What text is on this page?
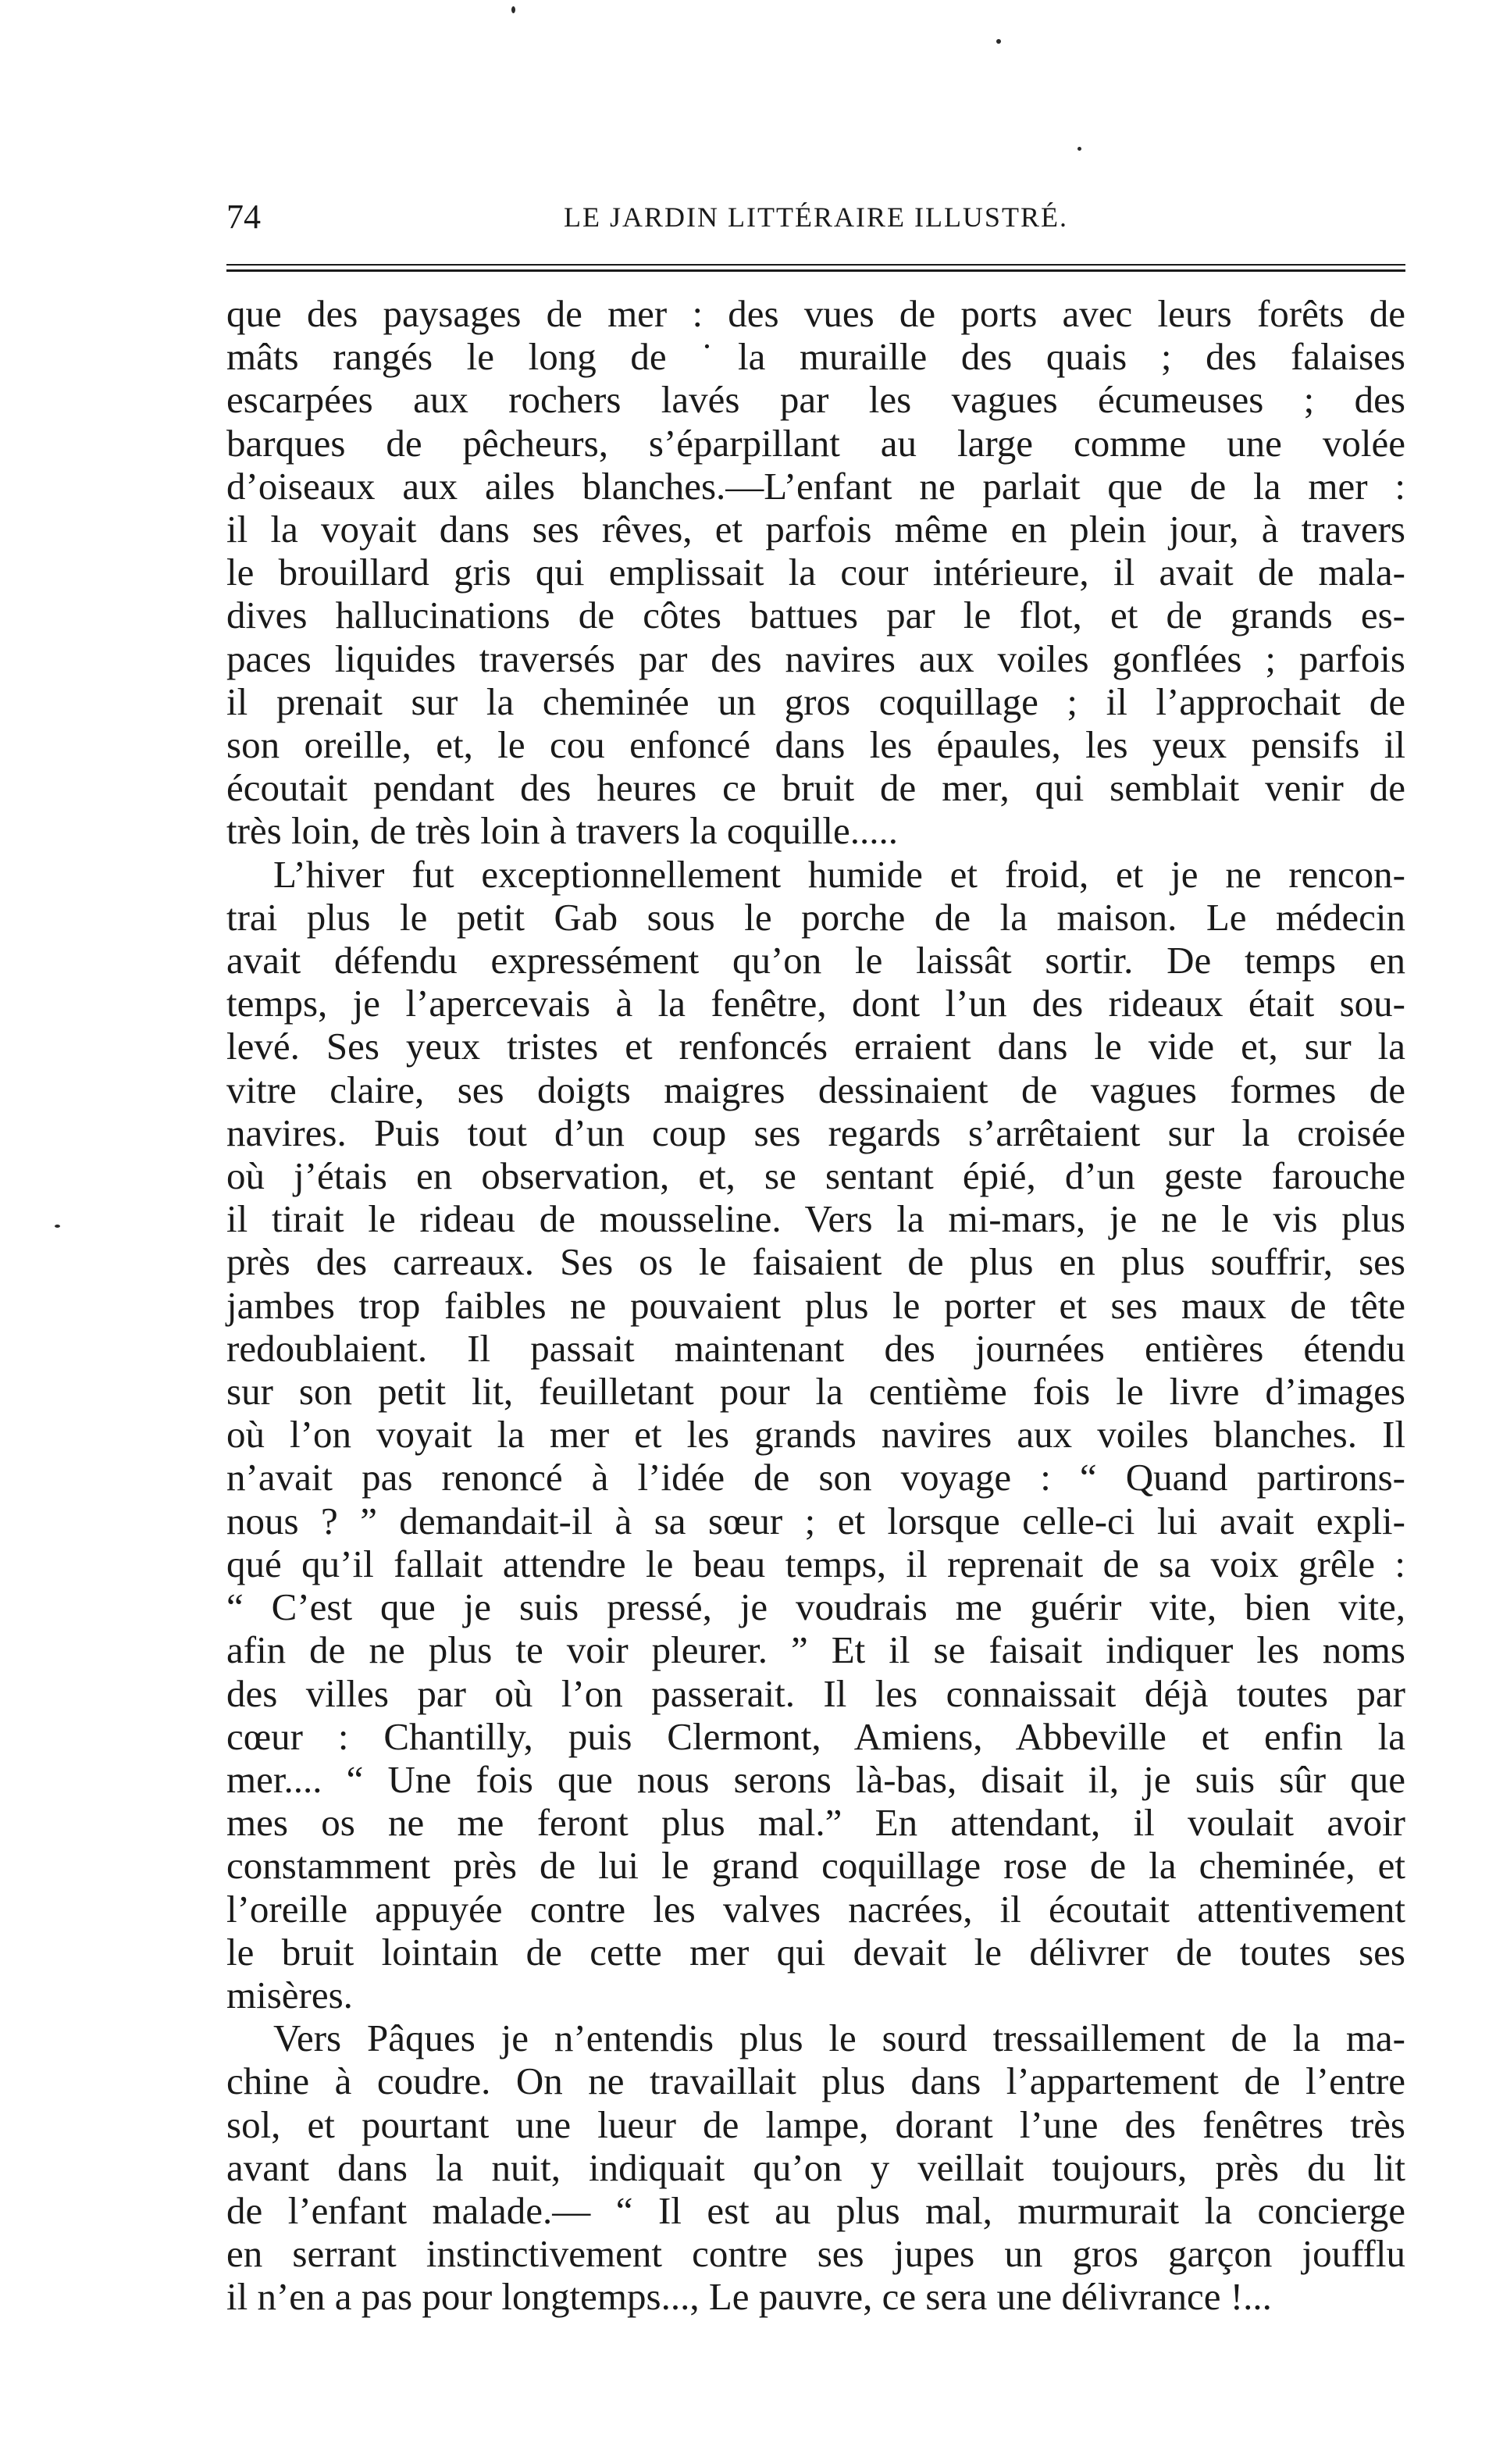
74	LE JARDIN LITTÉRAIRE ILLUSTRÉ.
que des paysages de mer : des vues de ports avec leurs forêts de
mâts rangés le long de ˙la muraille des quais ; des falaises
escarpées aux rochers lavés par les vagues écumeuses ; des
barques de pêcheurs, s’éparpillant au large comme une volée
d’oiseaux aux ailes blanches.—L’enfant ne parlait que de la mer :
il la voyait dans ses rêves, et parfois même en plein jour, à travers
le brouillard gris qui emplissait la cour intérieure, il avait de mala-
dives hallucinations de côtes battues par le flot, et de grands es-
paces liquides traversés par des navires aux voiles gonflées ; parfois
il prenait sur la cheminée un gros coquillage ; il l’approchait de
son oreille, et, le cou enfoncé dans les épaules, les yeux pensifs il
écoutait pendant des heures ce bruit de mer, qui semblait venir de
très loin, de très loin à travers la coquille.....
L’hiver fut exceptionnellement humide et froid, et je ne rencon-
trai plus le petit Gab sous le porche de la maison. Le médecin
avait défendu expressément qu’on le laissât sortir. De temps en
temps, je l’apercevais à la fenêtre, dont l’un des rideaux était sou-
levé. Ses yeux tristes et renfoncés erraient dans le vide et, sur la
vitre claire, ses doigts maigres dessinaient de vagues formes de
navires. Puis tout d’un coup ses regards s’arrêtaient sur la croisée
où j’étais en observation, et, se sentant épié, d’un geste farouche
il tirait le rideau de mousseline. Vers la mi-mars, je ne le vis plus
près des carreaux. Ses os le faisaient de plus en plus souffrir, ses
jambes trop faibles ne pouvaient plus le porter et ses maux de tête
redoublaient. Il passait maintenant des journées entières étendu
sur son petit lit, feuilletant pour la centième fois le livre d’images
où l’on voyait la mer et les grands navires aux voiles blanches. Il
n’avait pas renoncé à l’idée de son voyage : “ Quand partirons-
nous ? ” demandait-il à sa sœur ; et lorsque celle-ci lui avait expli-
qué qu’il fallait attendre le beau temps, il reprenait de sa voix grêle :
“ C’est que je suis pressé, je voudrais me guérir vite, bien vite,
afin de ne plus te voir pleurer. ” Et il se faisait indiquer les noms
des villes par où l’on passerait. Il les connaissait déjà toutes par
cœur : Chantilly, puis Clermont, Amiens, Abbeville et enfin la
mer.... “ Une fois que nous serons là-bas, disait il, je suis sûr que
mes os ne me feront plus mal.” En attendant, il voulait avoir
constamment près de lui le grand coquillage rose de la cheminée, et
l’oreille appuyée contre les valves nacrées, il écoutait attentivement
le bruit lointain de cette mer qui devait le délivrer de toutes ses
misères.
Vers Pâques je n’entendis plus le sourd tressaillement de la ma-
chine à coudre. On ne travaillait plus dans l’appartement de l’entre
sol, et pourtant une lueur de lampe, dorant l’une des fenêtres très
avant dans la nuit, indiquait qu’on y veillait toujours, près du lit
de l’enfant malade.— “ Il est au plus mal, murmurait la concierge
en serrant instinctivement contre ses jupes un gros garçon joufflu
il n’en a pas pour longtemps..., Le pauvre, ce sera une délivrance !...
